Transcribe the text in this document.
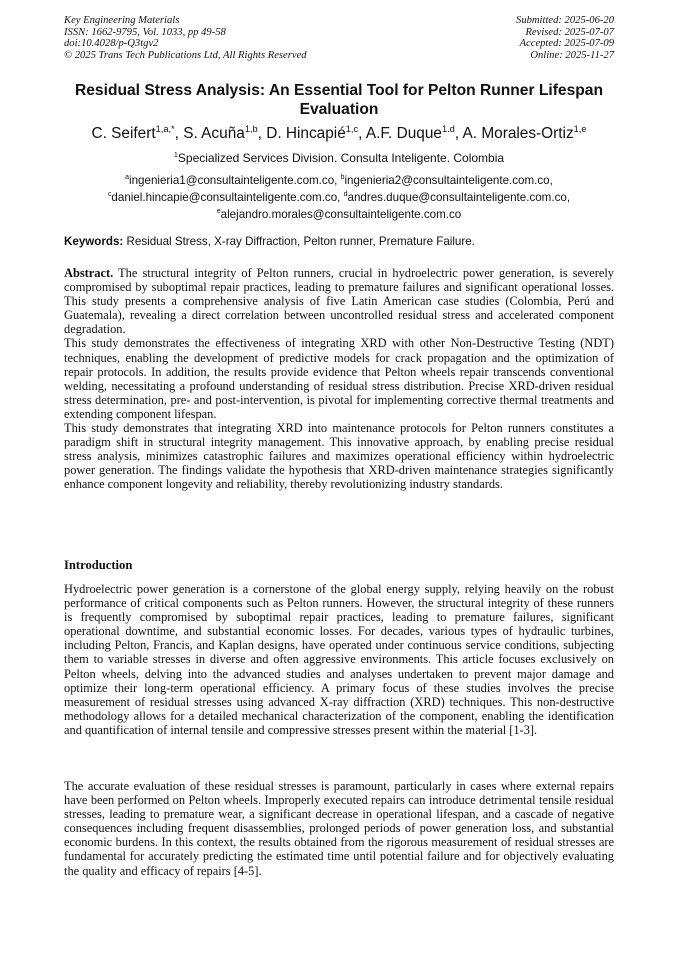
Key Engineering Materials
ISSN: 1662-9795, Vol. 1033, pp 49-58
doi:10.4028/p-Q3tgv2
© 2025 Trans Tech Publications Ltd, All Rights Reserved
Submitted: 2025-06-20
Revised: 2025-07-07
Accepted: 2025-07-09
Online: 2025-11-27
Residual Stress Analysis: An Essential Tool for Pelton Runner Lifespan Evaluation
C. Seifert$^{1,a,*}$, S. Acuña$^{1,b}$, D. Hincapié$^{1,c}$, A.F. Duque$^{1.d}$, A. Morales-Ortiz$^{1,e}$
$^1$Specialized Services Division. Consulta Inteligente. Colombia
$^a$ingenieria1@consultainteligente.com.co, $^b$ingenieria2@consultainteligente.com.co,
$^c$daniel.hincapie@consultainteligente.com.co, $^d$andres.duque@consultainteligente.com.co,
$^e$alejandro.morales@consultainteligente.com.co
Keywords: Residual Stress, X-ray Diffraction, Pelton runner, Premature Failure.

Abstract. The structural integrity of Pelton runners, crucial in hydroelectric power generation, is severely compromised by suboptimal repair practices, leading to premature failures and significant operational losses. This study presents a comprehensive analysis of five Latin American case studies (Colombia, Perú and Guatemala), revealing a direct correlation between uncontrolled residual stress and accelerated component degradation.

This study demonstrates the effectiveness of integrating XRD with other Non-Destructive Testing (NDT) techniques, enabling the development of predictive models for crack propagation and the optimization of repair protocols. In addition, the results provide evidence that Pelton wheels repair transcends conventional welding, necessitating a profound understanding of residual stress distribution. Precise XRD-driven residual stress determination, pre- and post-intervention, is pivotal for implementing corrective thermal treatments and extending component lifespan.

This study demonstrates that integrating XRD into maintenance protocols for Pelton runners constitutes a paradigm shift in structural integrity management. This innovative approach, by enabling precise residual stress analysis, minimizes catastrophic failures and maximizes operational efficiency within hydroelectric power generation. The findings validate the hypothesis that XRD-driven maintenance strategies significantly enhance component longevity and reliability, thereby revolutionizing industry standards.

Introduction
Hydroelectric power generation is a cornerstone of the global energy supply, relying heavily on the robust performance of critical components such as Pelton runners. However, the structural integrity of these runners is frequently compromised by suboptimal repair practices, leading to premature failures, significant operational downtime, and substantial economic losses. For decades, various types of hydraulic turbines, including Pelton, Francis, and Kaplan designs, have operated under continuous service conditions, subjecting them to variable stresses in diverse and often aggressive environments. This article focuses exclusively on Pelton wheels, delving into the advanced studies and analyses undertaken to prevent major damage and optimize their long-term operational efficiency. A primary focus of these studies involves the precise measurement of residual stresses using advanced X-ray diffraction (XRD) techniques. This non-destructive methodology allows for a detailed mechanical characterization of the component, enabling the identification and quantification of internal tensile and compressive stresses present within the material [1-3].
The accurate evaluation of these residual stresses is paramount, particularly in cases where external repairs have been performed on Pelton wheels. Improperly executed repairs can introduce detrimental tensile residual stresses, leading to premature wear, a significant decrease in operational lifespan, and a cascade of negative consequences including frequent disassemblies, prolonged periods of power generation loss, and substantial economic burdens. In this context, the results obtained from the rigorous measurement of residual stresses are fundamental for accurately predicting the estimated time until potential failure and for objectively evaluating the quality and efficacy of repairs [4-5].
